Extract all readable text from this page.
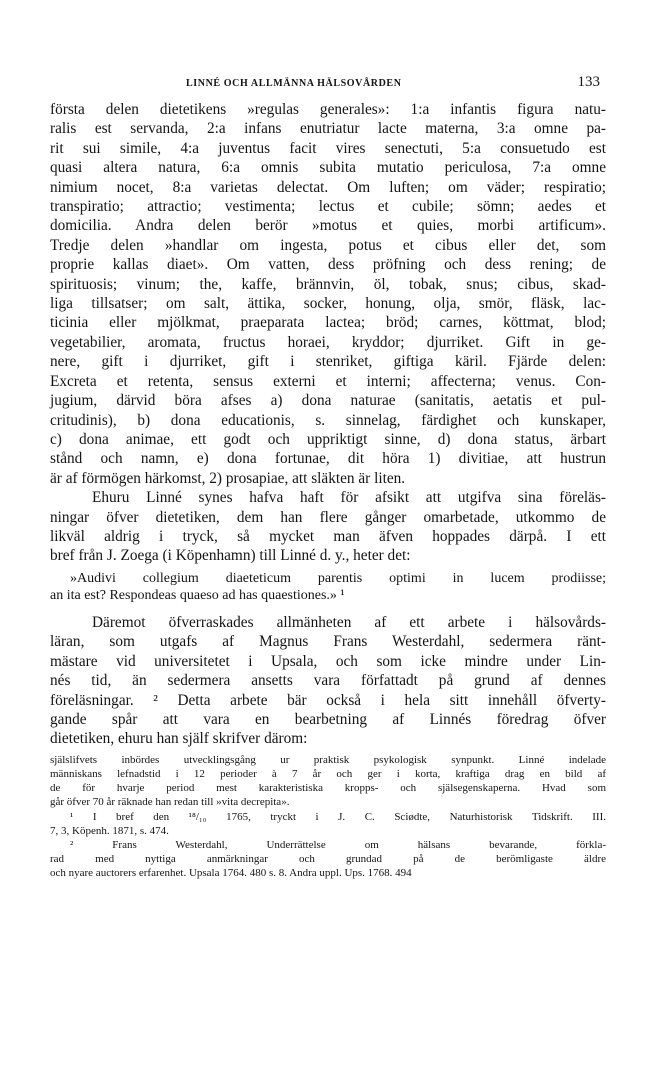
LINNÉ OCH ALLMÄNNA HÄLSOVÅRDEN	133
första delen dietetikens »regulas generales»: 1:a infantis figura natu-
ralis est servanda, 2:a infans enutriatur lacte materna, 3:a omne pa-
rit sui simile, 4:a juventus facit vires senectuti, 5:a consuetudo est
quasi altera natura, 6:a omnis subita mutatio periculosa, 7:a omne
nimium nocet, 8:a varietas delectat. Om luften; om väder; respiratio;
transpiratio; attractio; vestimenta; lectus et cubile; sömn; aedes et
domicilia. Andra delen berör »motus et quies, morbi artificum».
Tredje delen »handlar om ingesta, potus et cibus eller det, som
proprie kallas diaet». Om vatten, dess pröfning och dess rening; de
spirituosis; vinum; the, kaffe, brännvin, öl, tobak, snus; cibus, skad-
liga tillsatser; om salt, ättika, socker, honung, olja, smör, fläsk, lac-
ticinia eller mjölkmat, praeparata lactea; bröd; carnes, köttmat, blod;
vegetabilier, aromata, fructus horaei, kryddor; djurriket. Gift in ge-
nere, gift i djurriket, gift i stenriket, giftiga käril. Fjärde delen:
Excreta et retenta, sensus externi et interni; affecterna; venus. Con-
jugium, därvid böra afses a) dona naturae (sanitatis, aetatis et pul-
critudinis), b) dona educationis, s. sinnelag, färdighet och kunskaper,
c) dona animae, ett godt och uppriktigt sinne, d) dona status, ärbart
stånd och namn, e) dona fortunae, dit höra 1) divitiae, att hustrun
är af förmögen härkomst, 2) prosapiae, att släkten är liten.
Ehuru Linné synes hafva haft för afsikt att utgifva sina föreläs-
ningar öfver dietetiken, dem han flere gånger omarbetade, utkommo de
likväl aldrig i tryck, så mycket man äfven hoppades därpå. I ett
bref från J. Zoega (i Köpenhamn) till Linné d. y., heter det:
»Audivi collegium diaeteticum parentis optimi in lucem prodiisse;
an ita est? Respondeas quaeso ad has quaestiones.» ¹
Däremot öfverraskades allmänheten af ett arbete i hälsovårds-
läran, som utgafs af Magnus Frans Westerdahl, sedermera ränt-
mästare vid universitetet i Upsala, och som icke mindre under Lin-
nés tid, än sedermera ansetts vara författadt på grund af dennes
föreläsningar. ² Detta arbete bär också i hela sitt innehåll öfverty-
gande spår att vara en bearbetning af Linnés föredrag öfver
dietetiken, ehuru han själf skrifver därom:
själslifvets inbördes utvecklingsgång ur praktisk psykologisk synpunkt. Linné indelade
människans lefnadstid i 12 perioder à 7 år och ger i korta, kraftiga drag en bild af
de för hvarje period mest karakteristiska kropps- och själsegenskaperna. Hvad som
går öfver 70 år räknade han redan till »vita decrepita».
¹ I bref den ¹⁸/₁₀ 1765, tryckt i J. C. Sciødte, Naturhistorisk Tidskrift. III.
7, 3, Köpenh. 1871, s. 474.
² Frans Westerdahl, Underrättelse om hälsans bevarande, förkla-
rad med nyttiga anmärkningar och grundad på de berömligaste äldre
och nyare auctorers erfarenhet. Upsala 1764. 480 s. 8. Andra uppl. Ups. 1768. 494
